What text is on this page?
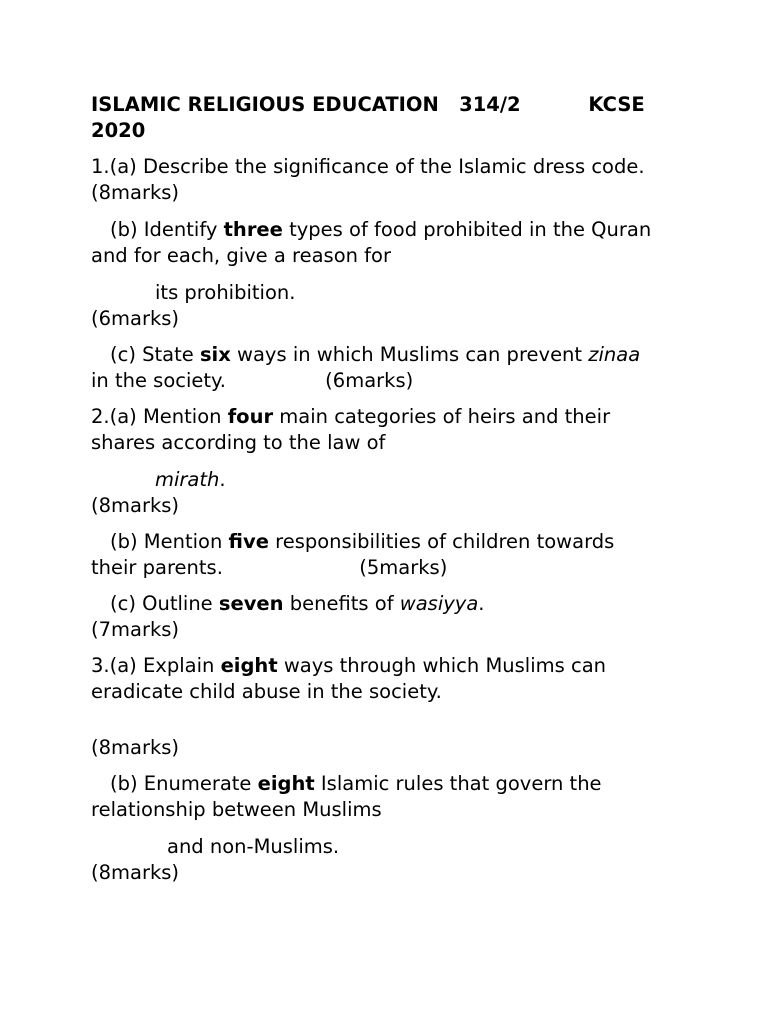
ISLAMIC RELIGIOUS EDUCATION   314/2          KCSE
2020
1.(a) Describe the significance of the Islamic dress code.
(8marks)
(b) Identify three types of food prohibited in the Quran
and for each, give a reason for
its prohibition.
(6marks)
(c) State six ways in which Muslims can prevent zinaa
in the society.                (6marks)
2.(a) Mention four main categories of heirs and their
shares according to the law of
mirath.
(8marks)
(b) Mention five responsibilities of children towards
their parents.                      (5marks)
(c) Outline seven benefits of wasiyya.
(7marks)
3.(a) Explain eight ways through which Muslims can
eradicate child abuse in the society.
(8marks)
(b) Enumerate eight Islamic rules that govern the
relationship between Muslims
and non-Muslims.
(8marks)
